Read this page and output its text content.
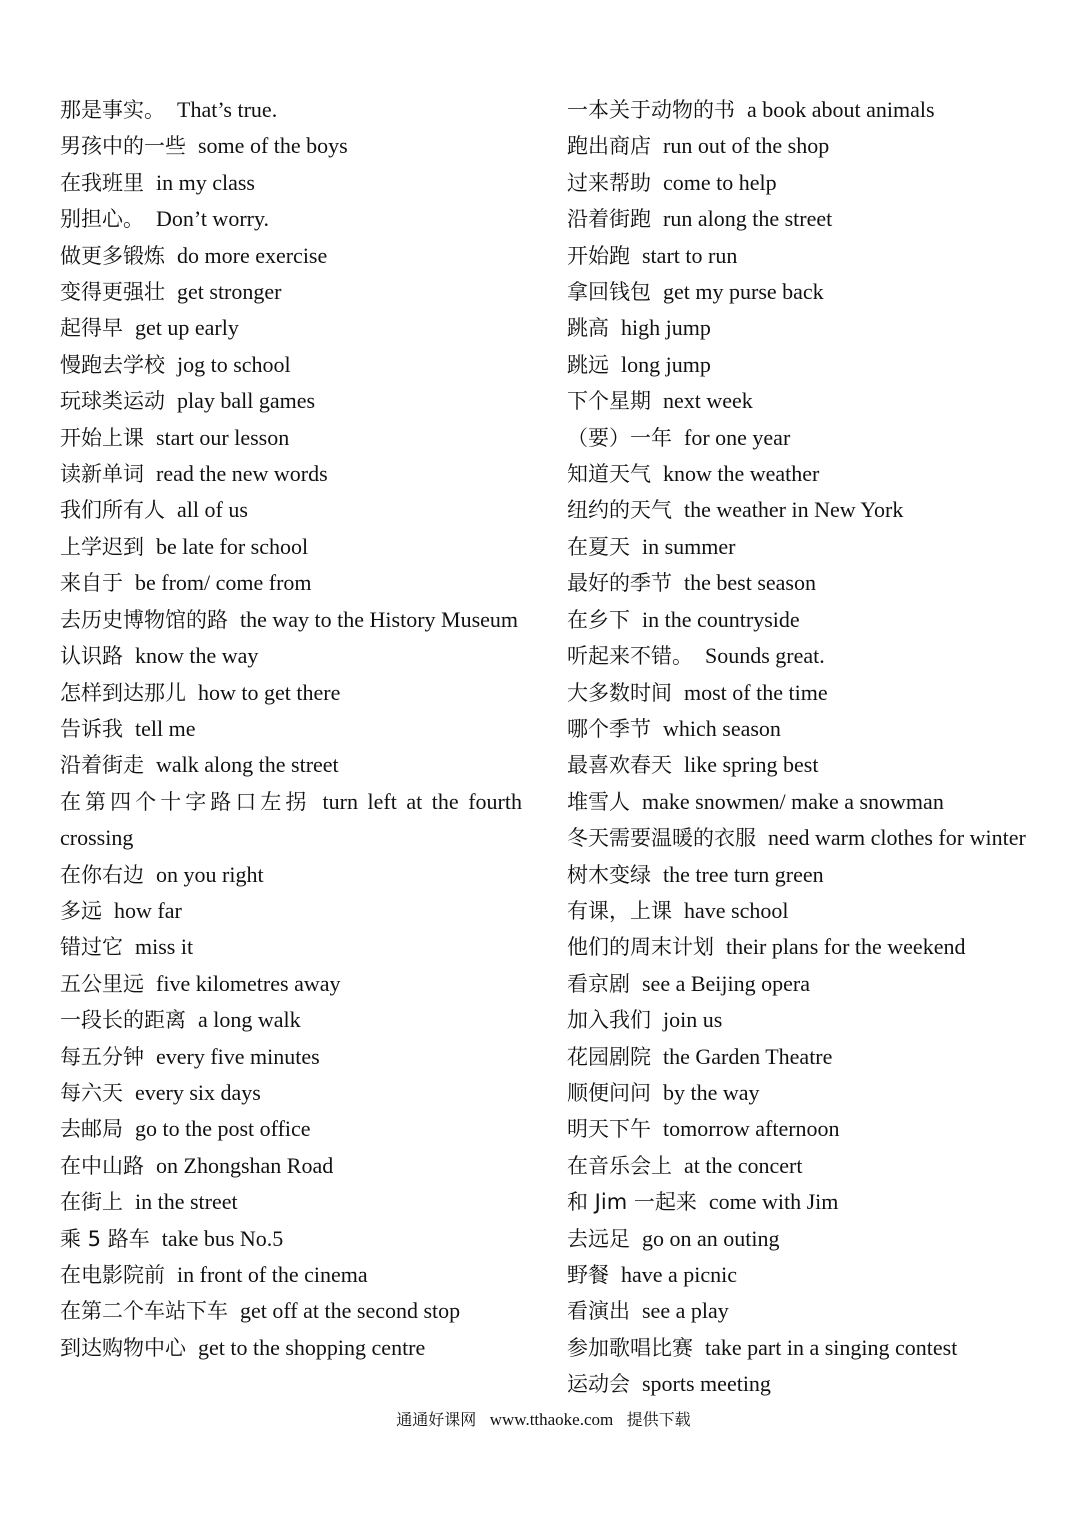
那是事实。 That’s true.

男孩中的一些 some of the boys

在我班里 in my class

别担心。 Don’t worry.

做更多锻炼 do more exercise

变得更强壮 get stronger

起得早 get up early

慢跑去学校 jog to school

玩球类运动 play ball games

开始上课 start our lesson

读新单词 read the new words

我们所有人 all of us

上学迟到 be late for school

来自于 be from/ come from

去历史博物馆的路 the way to the History Museum

认识路 know the way

怎样到达那儿 how to get there

告诉我 tell me

沿着街走 walk along the street

在第四个十字路口左拐 turn left at the fourth crossing

在你右边 on you right

多远 how far

错过它 miss it

五公里远 five kilometres away

一段长的距离 a long walk

每五分钟 every five minutes

每六天 every six days

去邮局 go to the post office

在中山路 on Zhongshan Road

在街上 in the street

乘 5 路车 take bus No.5

在电影院前 in front of the cinema

在第二个车站下车 get off at the second stop

到达购物中心 get to the shopping centre

一本关于动物的书 a book about animals

跑出商店 run out of the shop

过来帮助 come to help

沿着街跑 run along the street

开始跑 start to run

拿回钱包 get my purse back

跳高 high jump

跳远 long jump

下个星期 next week

（要）一年 for one year

知道天气 know the weather

纽约的天气 the weather in New York

在夏天 in summer

最好的季节 the best season

在乡下 in the countryside

听起来不错。 Sounds great.

大多数时间 most of the time

哪个季节 which season

最喜欢春天 like spring best

堆雪人 make snowmen/ make a snowman

冬天需要温暖的衣服 need warm clothes for winter

树木变绿 the tree turn green

有课，上课 have school

他们的周末计划 their plans for the weekend

看京剧 see a Beijing opera

加入我们 join us

花园剧院 the Garden Theatre

顺便问问 by the way

明天下午 tomorrow afternoon

在音乐会上 at the concert

和 Jim 一起来 come with Jim

去远足 go on an outing

野餐 have a picnic

看演出 see a play

参加歌唱比赛 take part in a singing contest

运动会 sports meeting

通通好课网 www.tthaoke.com 提供下载
